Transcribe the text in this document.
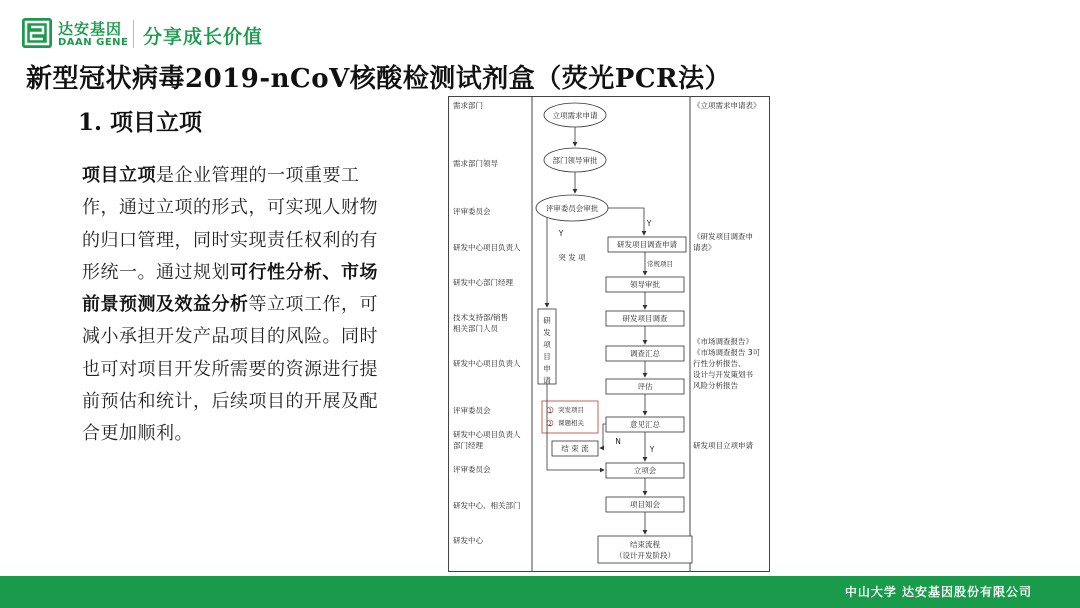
达安基因
DAAN GENE 分享成长价值
新型冠状病毒2019-nCoV核酸检测试剂盒（荧光PCR法）
1. 项目立项
项目立项是企业管理的一项重要工作，通过立项的形式，可实现人财物的归口管理，同时实现责任权利的有形统一。通过规划可行性分析、市场前景预测及效益分析等立项工作，可减小承担开发产品项目的风险。同时也可对项目开发所需要的资源进行提前预估和统计，后续项目的开展及配合更加顺利。
需求部门
需求部门领导
评审委员会
研发中心项目负责人
研发中心部门经理
技术支持部/销售
相关部门人员
研发中心项目负责人
评审委员会
研发中心项目负责人
部门经理
评审委员会
研发中心、相关部门
研发中心
立项需求申请
部门领导审批
评审委员会审批
研发项目调查申请
常规项目
领导审批
研发项目调查
调查汇总
评估
意见汇总
结 束 流
立项会
项目知会
结束流程
（设计开发阶段）
突 发 项
研
发
项
目
申
请
Y
Y
Y
N
1 突发项目
2 课题相关
《立项需求申请表》
《研发项目调查申
请表》
《市场调查报告》
《市场调查报告 3可
行性分析报告、
设计与开发策划书
风险分析报告
研发项目立项申请
中山大学 达安基因股份有限公司
